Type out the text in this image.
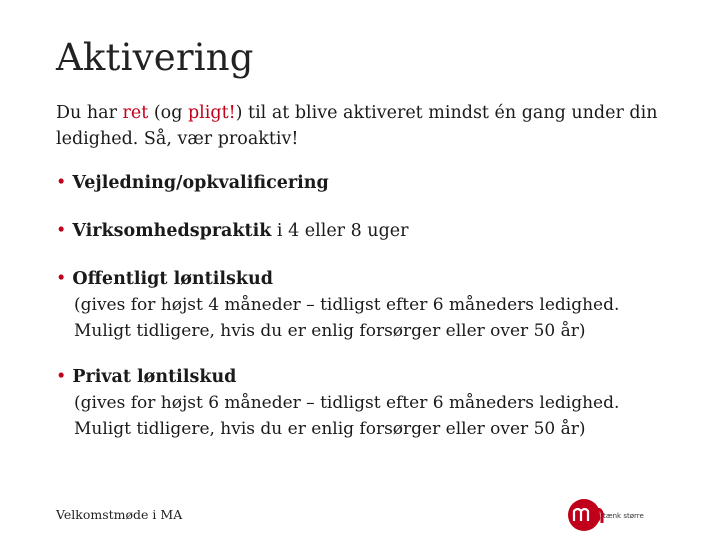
Aktivering
Du har ret (og pligt!) til at blive aktiveret mindst én gang under din ledighed. Så, vær proaktiv!
• Vejledning/opkvalificering
• Virksomhedspraktik i 4 eller 8 uger
• Offentligt løntilskud
(gives for højst 4 måneder – tidligst efter 6 måneders ledighed. Muligt tidligere, hvis du er enlig forsørger eller over 50 år)
• Privat løntilskud
(gives for højst 6 måneder – tidligst efter 6 måneders ledighed. Muligt tidligere, hvis du er enlig forsørger eller over 50 år)
Velkomstmøde i MA	tænk større
